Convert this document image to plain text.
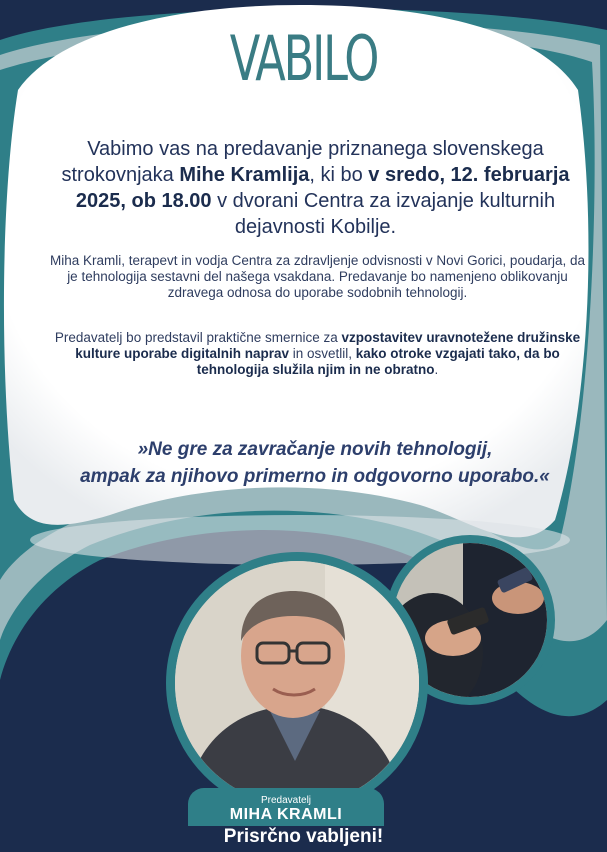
VABILO
Vabimo vas na predavanje priznanega slovenskega strokovnjaka Mihe Kramlija, ki bo v sredo, 12. februarja 2025, ob 18.00 v dvorani Centra za izvajanje kulturnih dejavnosti Kobilje.
Miha Kramli, terapevt in vodja Centra za zdravljenje odvisnosti v Novi Gorici, poudarja, da je tehnologija sestavni del našega vsakdana. Predavanje bo namenjeno oblikovanju zdravega odnosa do uporabe sodobnih tehnologij.
Predavatelj bo predstavil praktične smernice za vzpostavitev uravnotežene družinske kulture uporabe digitalnih naprav in osvetlil, kako otroke vzgajati tako, da bo tehnologija služila njim in ne obratno.
»Ne gre za zavračanje novih tehnologij,
ampak za njihovo primerno in odgovorno uporabo.«
Predavatelj
MIHA KRAMLI
Prisrčno vabljeni!
